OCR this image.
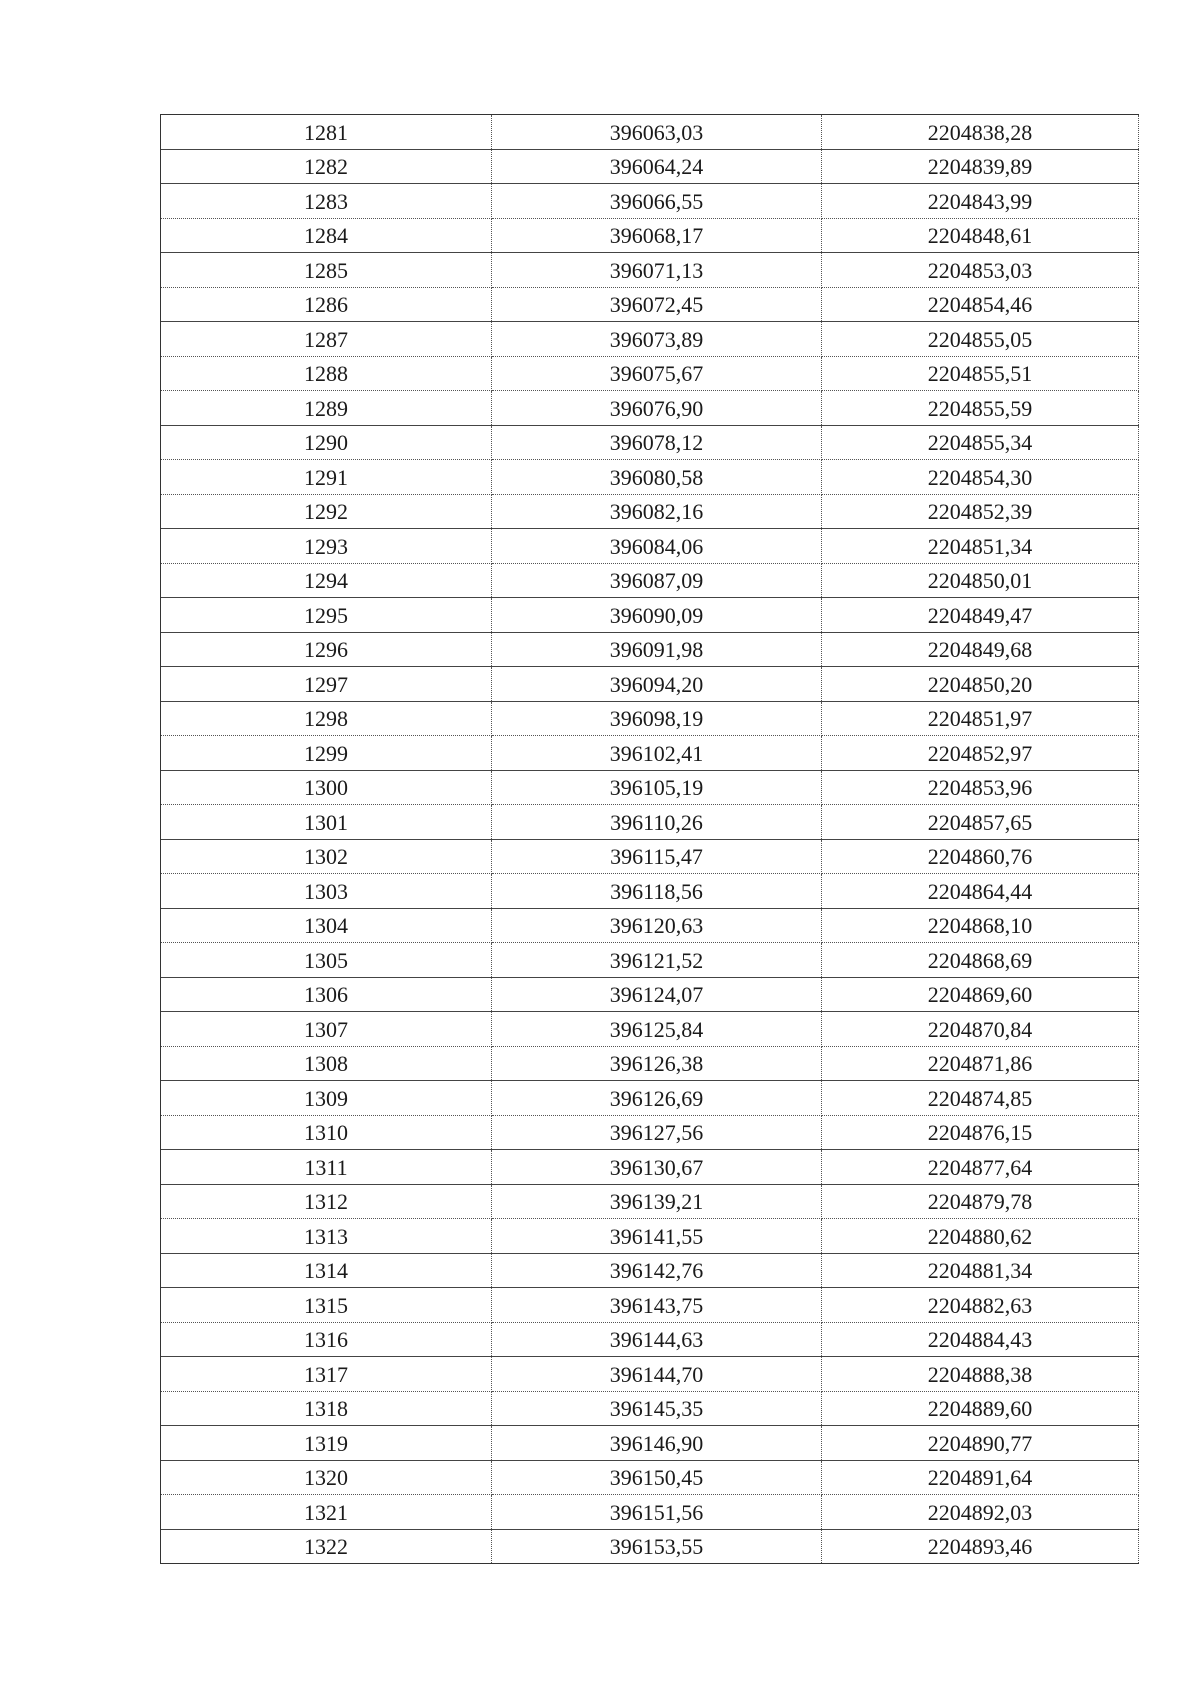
1281	396063,03	2204838,28
1282	396064,24	2204839,89
1283	396066,55	2204843,99
1284	396068,17	2204848,61
1285	396071,13	2204853,03
1286	396072,45	2204854,46
1287	396073,89	2204855,05
1288	396075,67	2204855,51
1289	396076,90	2204855,59
1290	396078,12	2204855,34
1291	396080,58	2204854,30
1292	396082,16	2204852,39
1293	396084,06	2204851,34
1294	396087,09	2204850,01
1295	396090,09	2204849,47
1296	396091,98	2204849,68
1297	396094,20	2204850,20
1298	396098,19	2204851,97
1299	396102,41	2204852,97
1300	396105,19	2204853,96
1301	396110,26	2204857,65
1302	396115,47	2204860,76
1303	396118,56	2204864,44
1304	396120,63	2204868,10
1305	396121,52	2204868,69
1306	396124,07	2204869,60
1307	396125,84	2204870,84
1308	396126,38	2204871,86
1309	396126,69	2204874,85
1310	396127,56	2204876,15
1311	396130,67	2204877,64
1312	396139,21	2204879,78
1313	396141,55	2204880,62
1314	396142,76	2204881,34
1315	396143,75	2204882,63
1316	396144,63	2204884,43
1317	396144,70	2204888,38
1318	396145,35	2204889,60
1319	396146,90	2204890,77
1320	396150,45	2204891,64
1321	396151,56	2204892,03
1322	396153,55	2204893,46
